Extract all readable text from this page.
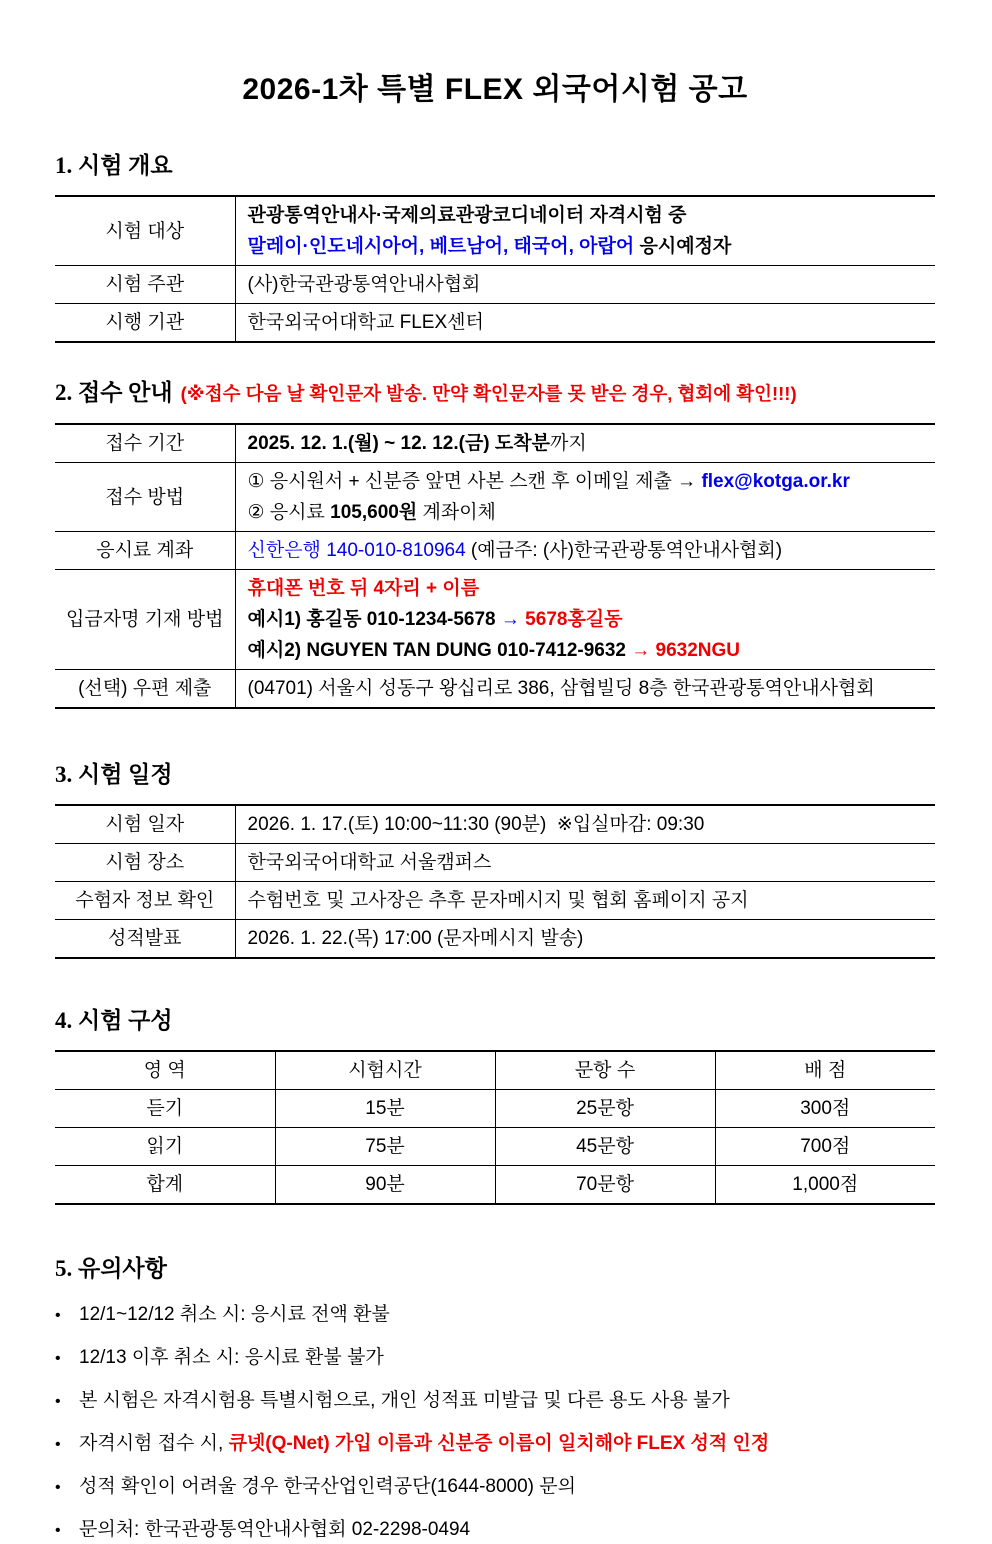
2026-1차 특별 FLEX 외국어시험 공고
1. 시험 개요
시험 대상	관광통역안내사·국제의료관광코디네이터 자격시험 중
말레이·인도네시아어, 베트남어, 태국어, 아랍어 응시예정자

시험 주관	(사)한국관광통역안내사협회
시행 기관	한국외국어대학교 FLEX센터
2. 접수 안내 (※접수 다음 날 확인문자 발송. 만약 확인문자를 못 받은 경우, 협회에 확인!!!)
접수 기간	2025. 12. 1.(월) ~ 12. 12.(금) 도착분까지
접수 방법	① 응시원서 + 신분증 앞면 사본 스캔 후 이메일 제출 → flex@kotga.or.kr
② 응시료 105,600원 계좌이체

응시료 계좌	신한은행 140-010-810964 (예금주: (사)한국관광통역안내사협회)
입금자명 기재 방법	휴대폰 번호 뒤 4자리 + 이름
예시1) 홍길동 010-1234-5678 → 5678홍길동
예시2) NGUYEN TAN DUNG 010-7412-9632 → 9632NGU

(선택) 우편 제출	(04701) 서울시 성동구 왕십리로 386, 삼협빌딩 8층 한국관광통역안내사협회
3. 시험 일정
시험 일자	2026. 1. 17.(토) 10:00~11:30 (90분)  ※입실마감: 09:30
시험 장소	한국외국어대학교 서울캠퍼스
수험자 정보 확인	수험번호 및 고사장은 추후 문자메시지 및 협회 홈페이지 공지
성적발표	2026. 1. 22.(목) 17:00 (문자메시지 발송)
4. 시험 구성
영 역	시험시간	문항 수	배 점
듣기	15분	25문항	300점
읽기	75분	45문항	700점
합계	90분	70문항	1,000점
5. 유의사항
• 12/1~12/12 취소 시: 응시료 전액 환불
• 12/13 이후 취소 시: 응시료 환불 불가
• 본 시험은 자격시험용 특별시험으로, 개인 성적표 미발급 및 다른 용도 사용 불가
• 자격시험 접수 시, 큐넷(Q-Net) 가입 이름과 신분증 이름이 일치해야 FLEX 성적 인정
• 성적 확인이 어려울 경우 한국산업인력공단(1644-8000) 문의
• 문의처: 한국관광통역안내사협회 02-2298-0494
